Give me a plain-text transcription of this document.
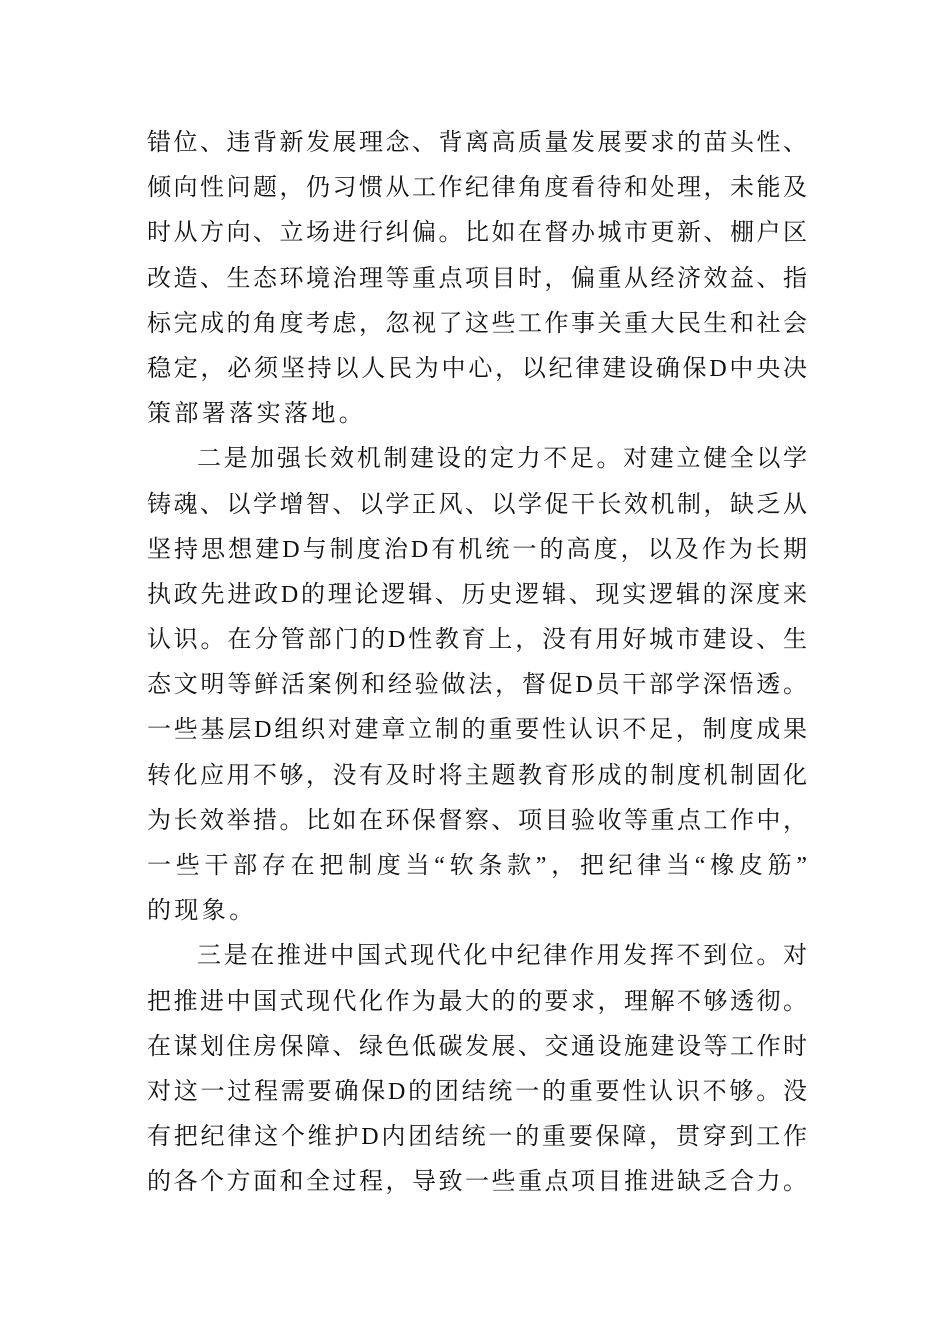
错位、违背新发展理念、背离高质量发展要求的苗头性、
倾向性问题，仍习惯从工作纪律角度看待和处理，未能及
时从方向、立场进行纠偏。比如在督办城市更新、棚户区
改造、生态环境治理等重点项目时，偏重从经济效益、指
标完成的角度考虑，忽视了这些工作事关重大民生和社会
稳定，必须坚持以人民为中心，以纪律建设确保D中央决
策部署落实落地。
二是加强长效机制建设的定力不足。对建立健全以学
铸魂、以学增智、以学正风、以学促干长效机制，缺乏从
坚持思想建D与制度治D有机统一的高度，以及作为长期
执政先进政D的理论逻辑、历史逻辑、现实逻辑的深度来
认识。在分管部门的D性教育上，没有用好城市建设、生
态文明等鲜活案例和经验做法，督促D员干部学深悟透。
一些基层D组织对建章立制的重要性认识不足，制度成果
转化应用不够，没有及时将主题教育形成的制度机制固化
为长效举措。比如在环保督察、项目验收等重点工作中，
一些干部存在把制度当“软条款”，把纪律当“橡皮筋”
的现象。
三是在推进中国式现代化中纪律作用发挥不到位。对
把推进中国式现代化作为最大的的要求，理解不够透彻。
在谋划住房保障、绿色低碳发展、交通设施建设等工作时
对这一过程需要确保D的团结统一的重要性认识不够。没
有把纪律这个维护D内团结统一的重要保障，贯穿到工作
的各个方面和全过程，导致一些重点项目推进缺乏合力。
